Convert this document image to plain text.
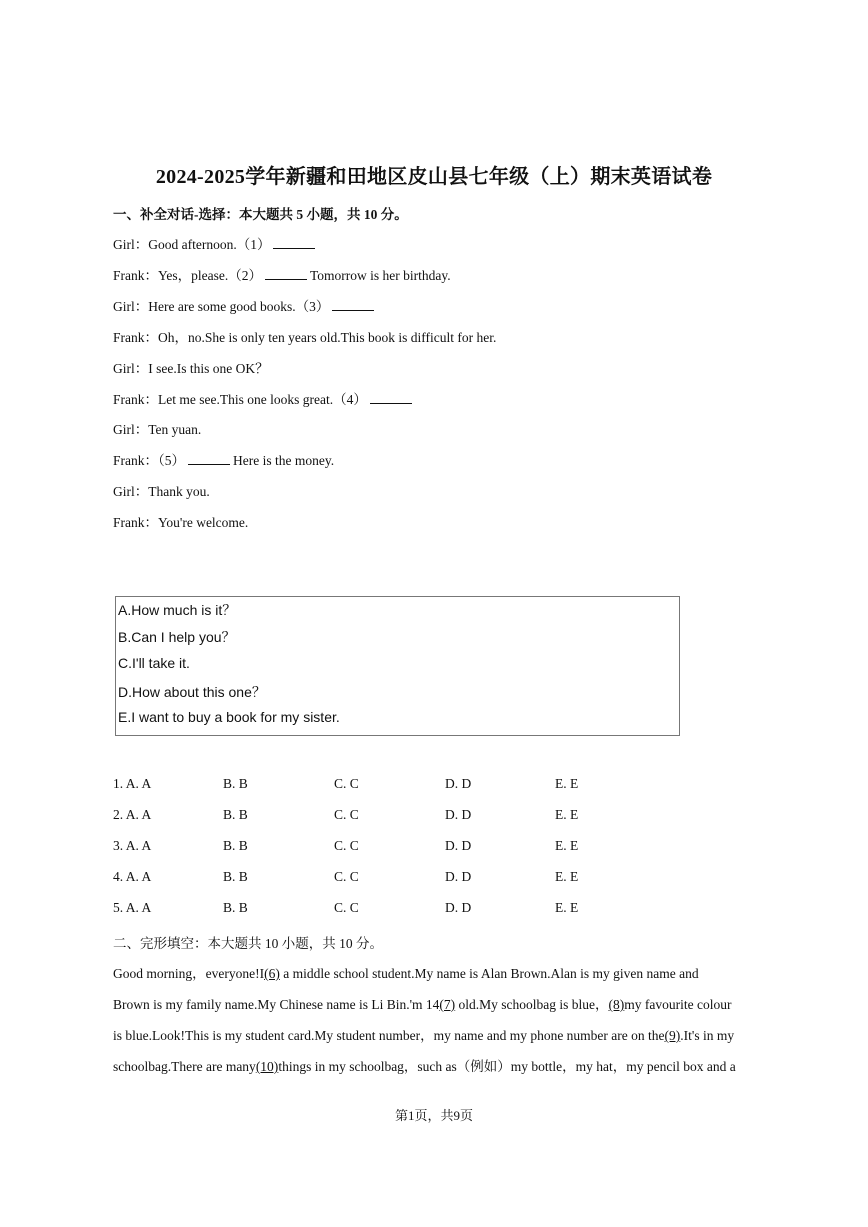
2024-2025学年新疆和田地区皮山县七年级（上）期末英语试卷
一、补全对话-选择：本大题共 5 小题，共 10 分。
Girl：Good afternoon.（1）
Frank：Yes，please.（2）	Tomorrow is her birthday.
Girl：Here are some good books.（3）
Frank：Oh，no.She is only ten years old.This book is difficult for her.
Girl：I see.Is this one OK？
Frank：Let me see.This one looks great.（4）
Girl：Ten yuan.
Frank：（5）	Here is the money.
Girl：Thank you.
Frank：You're welcome.
A.How much is it？
B.Can I help you？
C.I'll take it.
D.How about this one？
E.I want to buy a book for my sister.
1. A. A	B. B	C. C	D. D	E. E
2. A. A	B. B	C. C	D. D	E. E
3. A. A	B. B	C. C	D. D	E. E
4. A. A	B. B	C. C	D. D	E. E
5. A. A	B. B	C. C	D. D	E. E
二、完形填空：本大题共 10 小题，共 10 分。
Good morning，everyone!I(6) a middle school student.My name is Alan Brown.Alan is my given name and
Brown is my family name.My Chinese name is Li Bin.'m 14(7) old.My schoolbag is blue，(8)my favourite colour
is blue.Look!This is my student card.My student number，my name and my phone number are on the(9).It's in my
schoolbag.There are many(10)things in my schoolbag，such as（例如）my bottle，my hat，my pencil box and a
第1页，共9页
